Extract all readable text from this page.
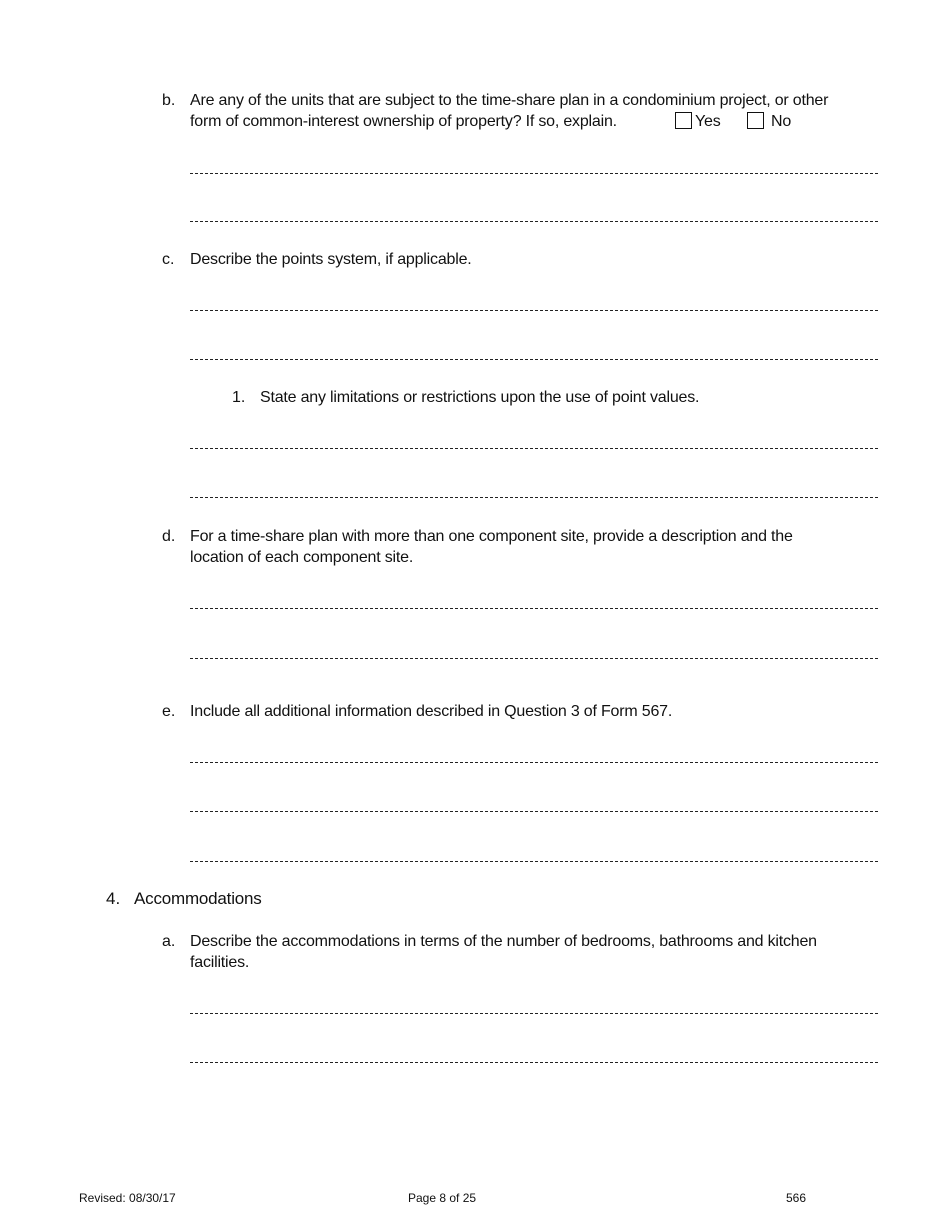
b. Are any of the units that are subject to the time-share plan in a condominium project, or other
form of common-interest ownership of property? If so, explain.	Yes	No
c. Describe the points system, if applicable.
1. State any limitations or restrictions upon the use of point values.
d. For a time-share plan with more than one component site, provide a description and the
location of each component site.
e. Include all additional information described in Question 3 of Form 567.
4. Accommodations
a. Describe the accommodations in terms of the number of bedrooms, bathrooms and kitchen
facilities.
Revised: 08/30/17	Page 8 of 25	566
